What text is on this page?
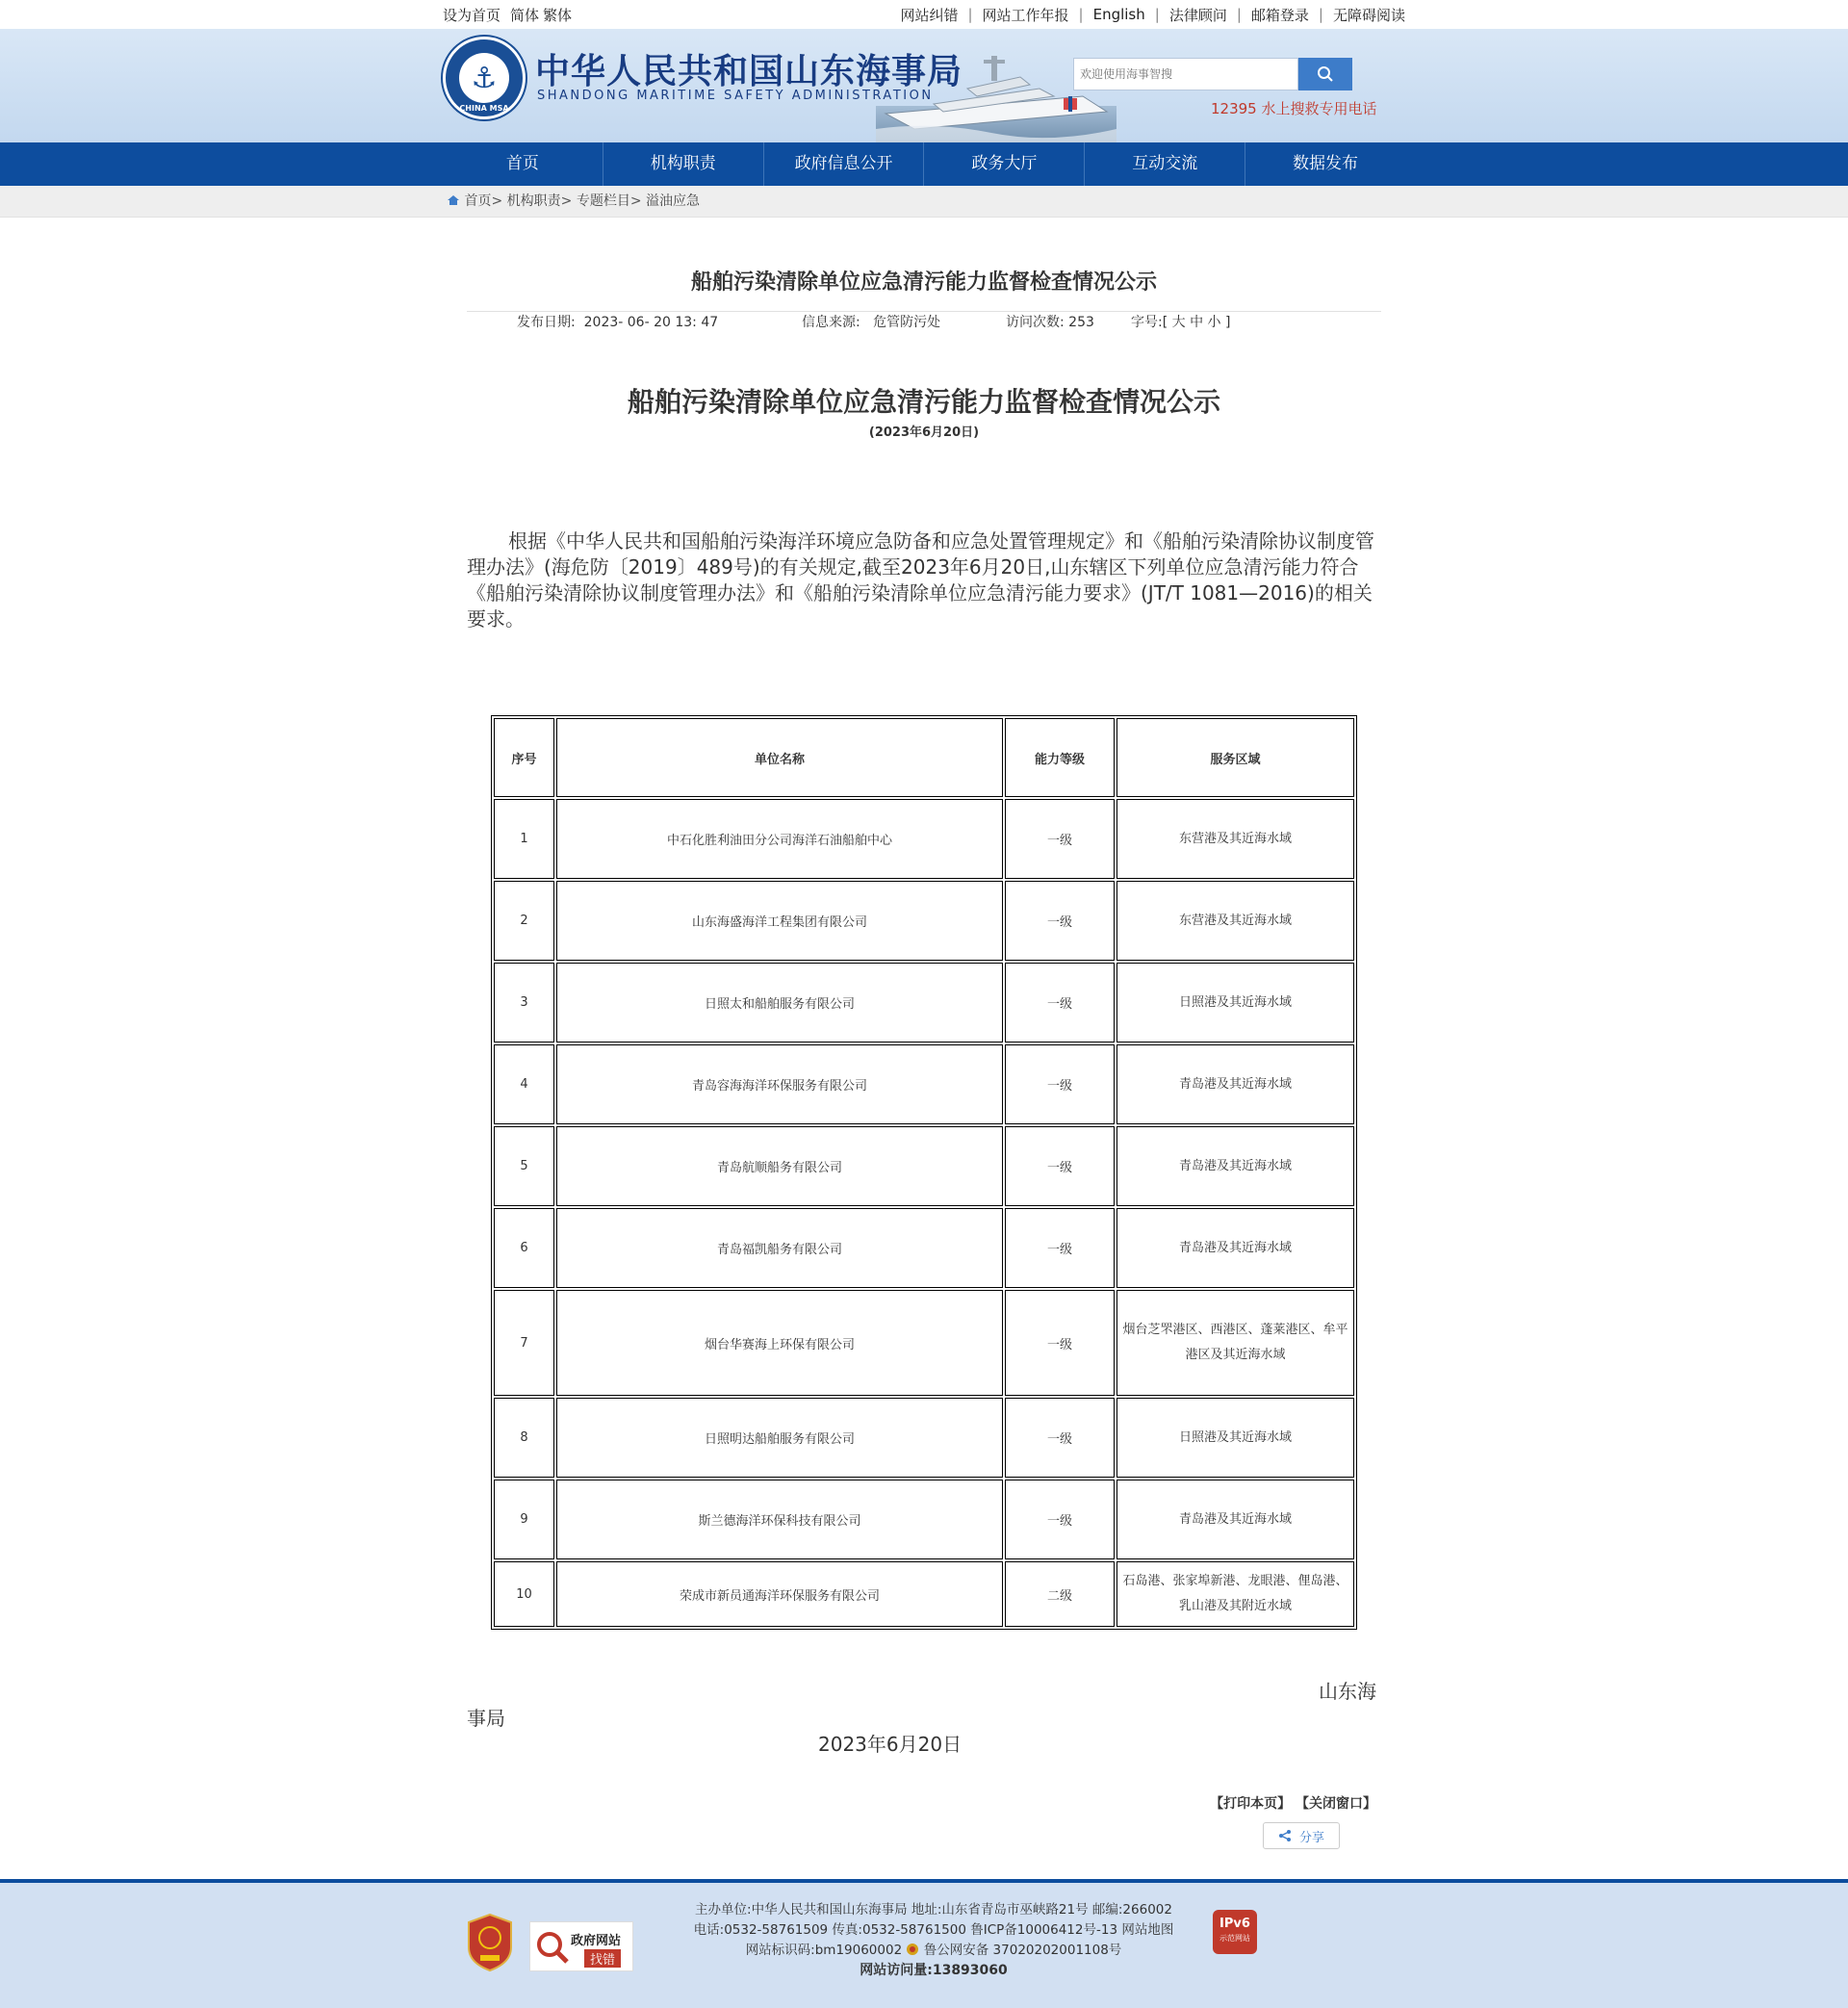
设为首页 简体 繁体	网站纠错 | 网站工作年报 | English | 法律顾问 | 邮箱登录 | 无障碍阅读
⚓
CHINA MSA
中华人民共和国山东海事局
SHANDONG MARITIME SAFETY ADMINISTRATION
欢迎使用海事智搜
12395 水上搜救专用电话
首页	机构职责	政府信息公开	政务大厅	互动交流	数据发布
首页> 机构职责> 专题栏目> 溢油应急
船舶污染清除单位应急清污能力监督检查情况公示
发布日期: 2023- 06- 20 13: 47	信息来源: 危管防污处	访问次数: 253	字号:[ 大 中 小 ]
船舶污染清除单位应急清污能力监督检查情况公示
(2023年6月20日)
根据《中华人民共和国船舶污染海洋环境应急防备和应急处置管理规定》和《船舶污染清除协议制度管理办法》(海危防〔2019〕489号)的有关规定,截至2023年6月20日,山东辖区下列单位应急清污能力符合《船舶污染清除协议制度管理办法》和《船舶污染清除单位应急清污能力要求》(JT/T 1081—2016)的相关要求。
序号	单位名称	能力等级	服务区域
1	中石化胜利油田分公司海洋石油船舶中心	一级	东营港及其近海水域
2	山东海盛海洋工程集团有限公司	一级	东营港及其近海水域
3	日照太和船舶服务有限公司	一级	日照港及其近海水域
4	青岛容海海洋环保服务有限公司	一级	青岛港及其近海水域
5	青岛航顺船务有限公司	一级	青岛港及其近海水域
6	青岛福凯船务有限公司	一级	青岛港及其近海水域
7	烟台华赛海上环保有限公司	一级	烟台芝罘港区、西港区、蓬莱港区、牟平港区及其近海水域
8	日照明达船舶服务有限公司	一级	日照港及其近海水域
9	斯兰德海洋环保科技有限公司	一级	青岛港及其近海水域
10	荣成市新员通海洋环保服务有限公司	二级	石岛港、张家埠新港、龙眼港、俚岛港、乳山港及其附近水域
山东海
事局
2023年6月20日
【打印本页】 【关闭窗口】
分享
政府网站
找错
主办单位:中华人民共和国山东海事局 地址:山东省青岛市巫峡路21号 邮编:266002
电话:0532-58761509 传真:0532-58761500 鲁ICP备10006412号-13 网站地图
网站标识码:bm19060002 鲁公网安备 37020202001108号
网站访问量:13893060
IPv6
示范网站
